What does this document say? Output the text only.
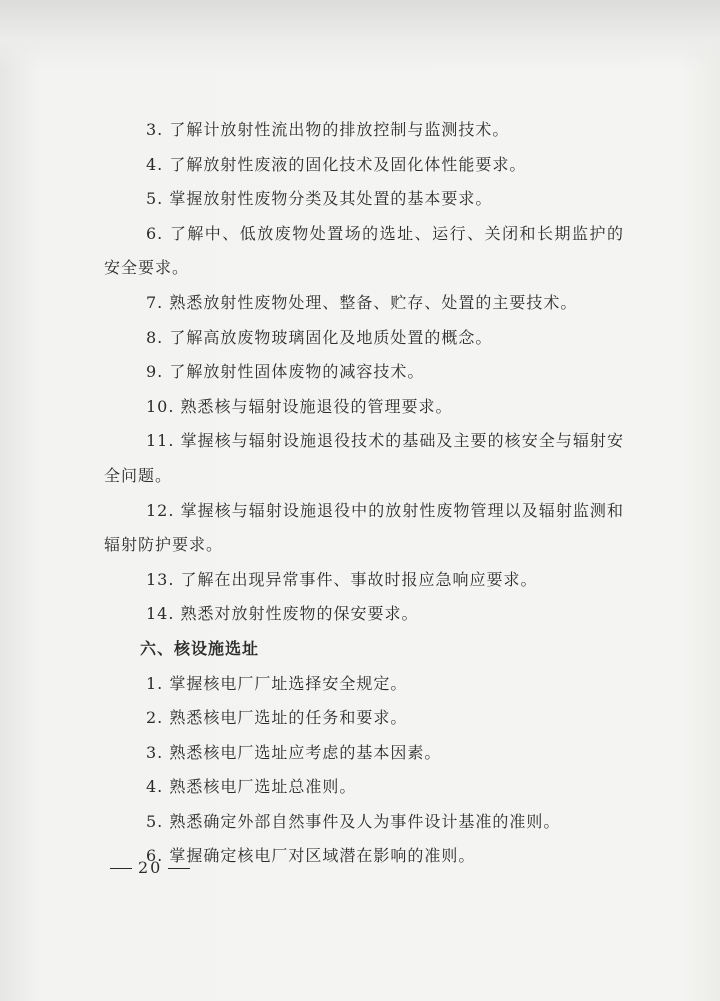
3. 了解计放射性流出物的排放控制与监测技术。

4. 了解放射性废液的固化技术及固化体性能要求。

5. 掌握放射性废物分类及其处置的基本要求。

6. 了解中、低放废物处置场的选址、运行、关闭和长期监护的安全要求。

7. 熟悉放射性废物处理、整备、贮存、处置的主要技术。

8. 了解高放废物玻璃固化及地质处置的概念。

9. 了解放射性固体废物的减容技术。

10. 熟悉核与辐射设施退役的管理要求。

11. 掌握核与辐射设施退役技术的基础及主要的核安全与辐射安全问题。

12. 掌握核与辐射设施退役中的放射性废物管理以及辐射监测和辐射防护要求。

13. 了解在出现异常事件、事故时报应急响应要求。

14. 熟悉对放射性废物的保安要求。

六、核设施选址

1. 掌握核电厂厂址选择安全规定。

2. 熟悉核电厂选址的任务和要求。

3. 熟悉核电厂选址应考虑的基本因素。

4. 熟悉核电厂选址总准则。

5. 熟悉确定外部自然事件及人为事件设计基准的准则。

6. 掌握确定核电厂对区域潜在影响的准则。

20
